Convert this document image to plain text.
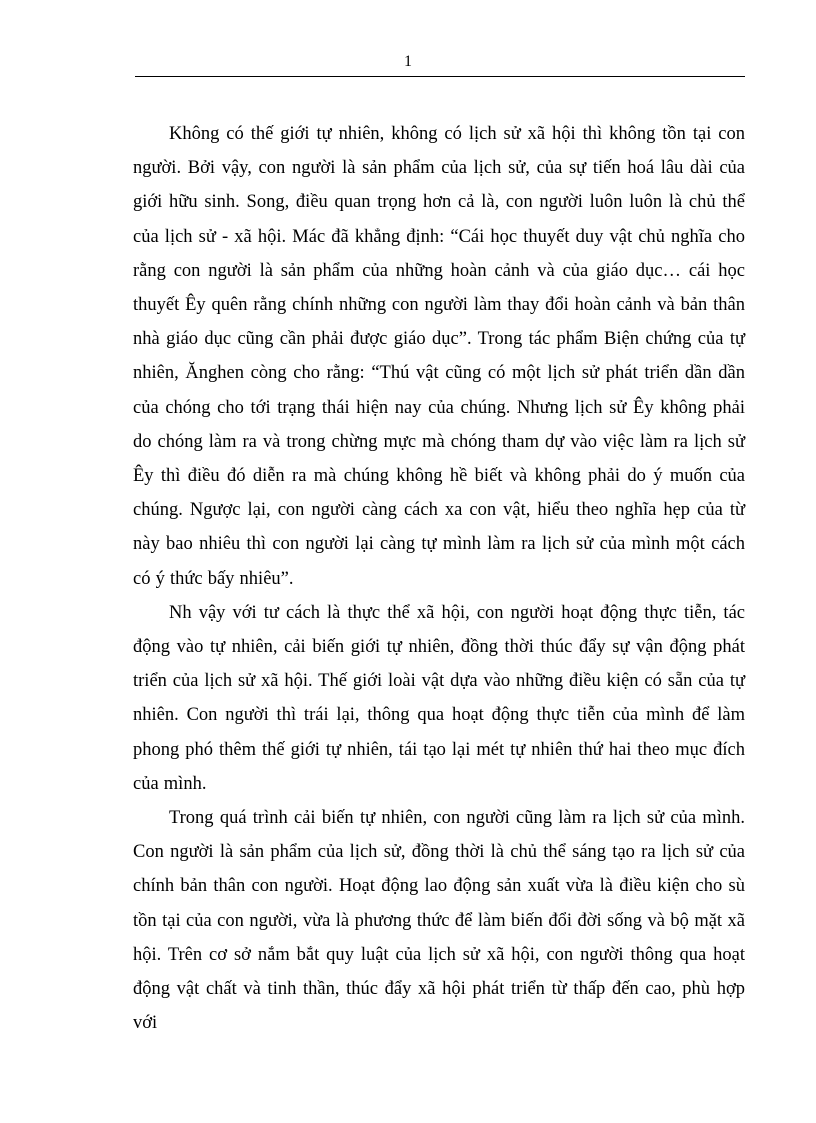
1

Không có thế giới tự nhiên, không có lịch sử xã hội thì không tồn tại con người. Bởi vậy, con người là sản phẩm của lịch sử, của sự tiến hoá lâu dài của giới hữu sinh. Song, điều quan trọng hơn cả là, con người luôn luôn là chủ thể của lịch sử - xã hội. Mác đã khẳng định: “Cái học thuyết duy vật chủ nghĩa cho rằng con người là sản phẩm của những hoàn cảnh và của giáo dục… cái học thuyết Êy quên rằng chính những con người làm thay đổi hoàn cảnh và bản thân nhà giáo dục cũng cần phải được giáo dục”. Trong tác phẩm Biện chứng của tự nhiên, Ănghen còng cho rằng: “Thú vật cũng có một lịch sử phát triển dần dần của chóng cho tới trạng thái hiện nay của chúng. Nhưng lịch sử Êy không phải do chóng làm ra và trong chừng mực mà chóng tham dự vào việc làm ra lịch sử Êy thì điều đó diễn ra mà chúng không hề biết và không phải do ý muốn của chúng. Ngược lại, con người càng cách xa con vật, hiểu theo nghĩa hẹp của từ này bao nhiêu thì con người lại càng tự mình làm ra lịch sử của mình một cách có ý thức bấy nhiêu”.

Nh vậy với tư cách là thực thể xã hội, con người hoạt động thực tiễn, tác động vào tự nhiên, cải biến giới tự nhiên, đồng thời thúc đẩy sự vận động phát triển của lịch sử xã hội. Thế giới loài vật dựa vào những điều kiện có sẵn của tự nhiên. Con người thì trái lại, thông qua hoạt động thực tiễn của mình để làm phong phó thêm thế giới tự nhiên, tái tạo lại mét tự nhiên thứ hai theo mục đích của mình.

Trong quá trình cải biến tự nhiên, con người cũng làm ra lịch sử của mình. Con người là sản phẩm của lịch sử, đồng thời là chủ thể sáng tạo ra lịch sử của chính bản thân con người. Hoạt động lao động sản xuất vừa là điều kiện cho sù tồn tại của con người, vừa là phương thức để làm biến đổi đời sống và bộ mặt xã hội. Trên cơ sở nắm bắt quy luật của lịch sử xã hội, con người thông qua hoạt động vật chất và tinh thần, thúc đẩy xã hội phát triển từ thấp đến cao, phù hợp với
